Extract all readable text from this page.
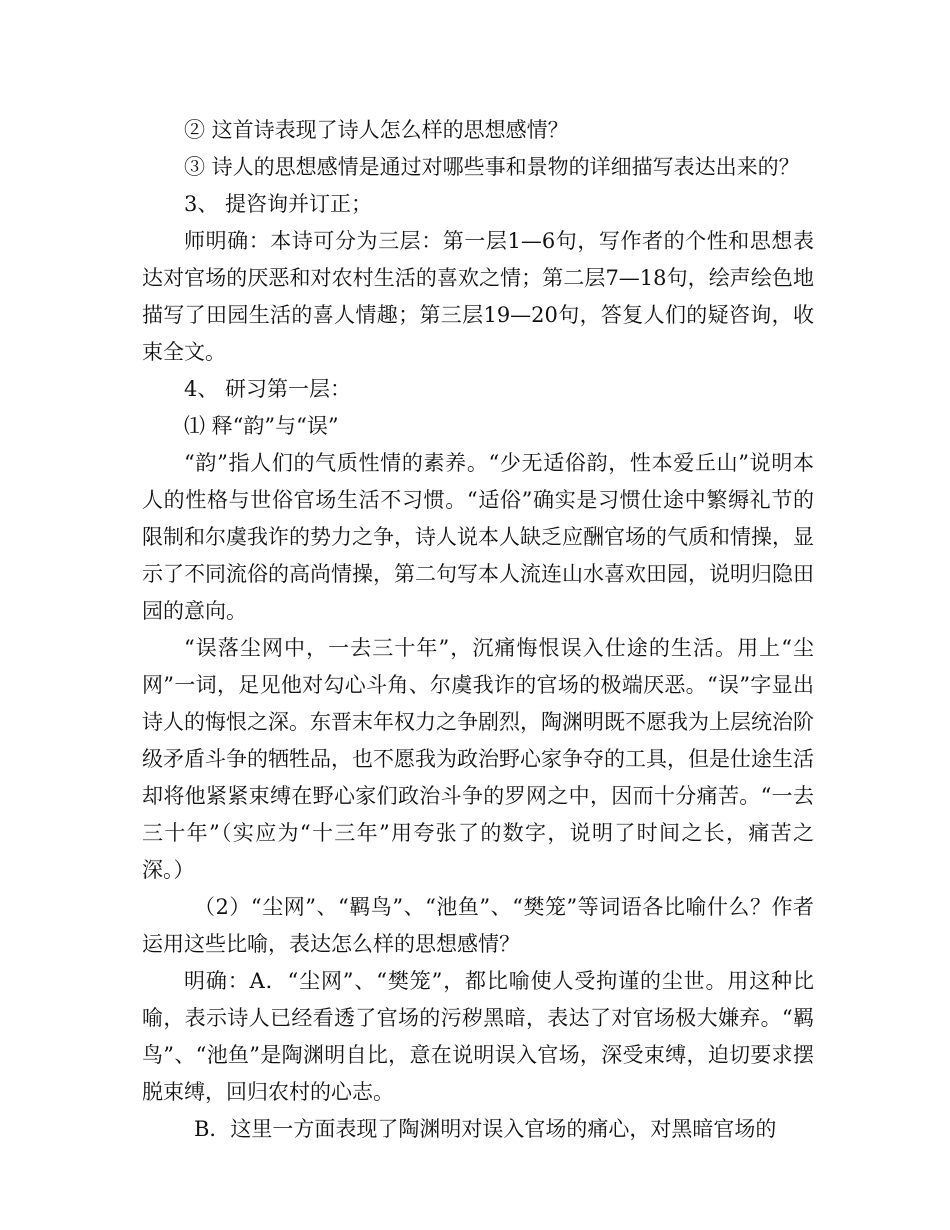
② 这首诗表现了诗人怎么样的思想感情？

③ 诗人的思想感情是通过对哪些事和景物的详细描写表达出来的？

3、 提咨询并订正；

师明确：本诗可分为三层：第一层1—6句，写作者的个性和思想表达对官场的厌恶和对农村生活的喜欢之情；第二层7—18句，绘声绘色地描写了田园生活的喜人情趣；第三层19—20句，答复人们的疑咨询，收束全文。

4、 研习第一层：

⑴ 释“韵”与“误”

“韵”指人们的气质性情的素养。“少无适俗韵，性本爱丘山”说明本人的性格与世俗官场生活不习惯。“适俗”确实是习惯仕途中繁缛礼节的限制和尔虞我诈的势力之争，诗人说本人缺乏应酬官场的气质和情操，显示了不同流俗的高尚情操，第二句写本人流连山水喜欢田园，说明归隐田园的意向。

“误落尘网中，一去三十年”，沉痛悔恨误入仕途的生活。用上“尘网”一词，足见他对勾心斗角、尔虞我诈的官场的极端厌恶。“误”字显出诗人的悔恨之深。东晋末年权力之争剧烈，陶渊明既不愿我为上层统治阶级矛盾斗争的牺牲品，也不愿我为政治野心家争夺的工具，但是仕途生活却将他紧紧束缚在野心家们政治斗争的罗网之中，因而十分痛苦。“一去三十年”（实应为“十三年”用夸张了的数字，说明了时间之长，痛苦之深。）

（2）“尘网”、“羁鸟”、“池鱼”、“樊笼”等词语各比喻什么？作者运用这些比喻，表达怎么样的思想感情？

明确：A．“尘网”、“樊笼”，都比喻使人受拘谨的尘世。用这种比喻，表示诗人已经看透了官场的污秽黑暗，表达了对官场极大嫌弃。“羁鸟”、“池鱼”是陶渊明自比，意在说明误入官场，深受束缚，迫切要求摆脱束缚，回归农村的心志。

B．这里一方面表现了陶渊明对误入官场的痛心，对黑暗官场的
